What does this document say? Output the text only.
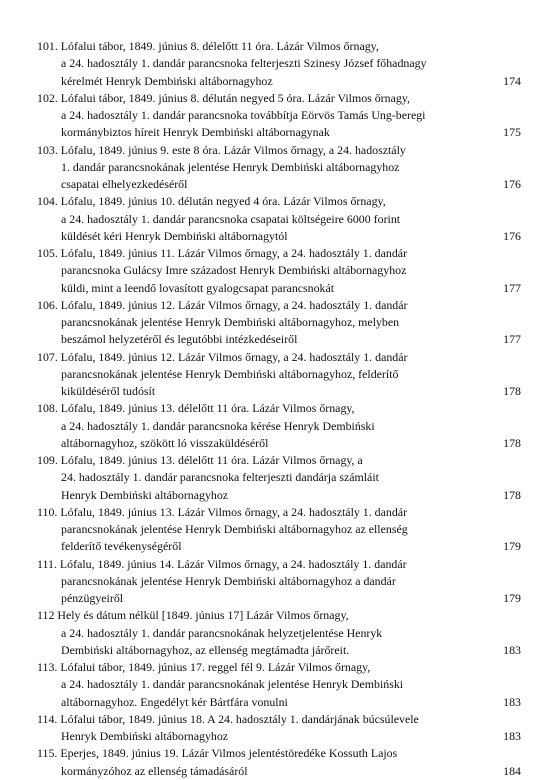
101. Lófalui tábor, 1849. június 8. délelőtt 11 óra. Lázár Vilmos őrnagy,
a 24. hadosztály 1. dandár parancsnoka felterjeszti Szinesy József főhadnagy
kérelmét Henryk Dembiński altábornagyhoz	174
102. Lófalui tábor, 1849. június 8. délután negyed 5 óra. Lázár Vilmos őrnagy,
a 24. hadosztály 1. dandár parancsnoka továbbítja Eörvös Tamás Ung-beregi
kormánybiztos híreit Henryk Dembiński altábornagynak	175
103. Lófalu, 1849. június 9. este 8 óra. Lázár Vilmos őrnagy, a 24. hadosztály
1. dandár parancsnokának jelentése Henryk Dembiński altábornagyhoz
csapatai elhelyezkedéséről	176
104. Lófalu, 1849. június 10. délután negyed 4 óra. Lázár Vilmos őrnagy,
a 24. hadosztály 1. dandár parancsnoka csapatai költségeire 6000 forint
küldését kéri Henryk Dembiński altábornagytól	176
105. Lófalu, 1849. június 11. Lázár Vilmos őrnagy, a 24. hadosztály 1. dandár
parancsnoka Gulácsy Imre századost Henryk Dembiński altábornagyhoz
küldi, mint a leendő lovasított gyalogcsapat parancsnokát	177
106. Lófalu, 1849. június 12. Lázár Vilmos őrnagy, a 24. hadosztály 1. dandár
parancsnokának jelentése Henryk Dembiński altábornagyhoz, melyben
beszámol helyzetéről és legutóbbi intézkedéseiről	177
107. Lófalu, 1849. június 12. Lázár Vilmos őrnagy, a 24. hadosztály 1. dandár
parancsnokának jelentése Henryk Dembiński altábornagyhoz, felderítő
kiküldéséről tudósít	178
108. Lófalu, 1849. június 13. délelőtt 11 óra. Lázár Vilmos őrnagy,
a 24. hadosztály 1. dandár parancsnoka kérése Henryk Dembiński
altábornagyhoz, szökött ló visszaküldéséről	178
109. Lófalu, 1849. június 13. délelőtt 11 óra. Lázár Vilmos őrnagy, a
24. hadosztály 1. dandár parancsnoka felterjeszti dandárja számláit
Henryk Dembiński altábornagyhoz	178
110. Lófalu, 1849. június 13. Lázár Vilmos őrnagy, a 24. hadosztály 1. dandár
parancsnokának jelentése Henryk Dembiński altábornagyhoz az ellenség
felderítő tevékenységéről	179
111. Lófalu, 1849. június 14. Lázár Vilmos őrnagy, a 24. hadosztály 1. dandár
parancsnokának jelentése Henryk Dembiński altábornagyhoz a dandár
pénzügyeiről	179
112 Hely és dátum nélkül [1849. június 17] Lázár Vilmos őrnagy,
a 24. hadosztály 1. dandár parancsnokának helyzetjelentése Henryk
Dembiński altábornagyhoz, az ellenség megtámadta járőreit.	183
113. Lófalui tábor, 1849. június 17. reggel fél 9. Lázár Vilmos őrnagy,
a 24. hadosztály 1. dandár parancsnokának jelentése Henryk Dembiński
altábornagyhoz. Engedélyt kér Bártfára vonulni	183
114. Lófalui tábor, 1849. június 18. A 24. hadosztály 1. dandárjának búcsúlevele
Henryk Dembiński altábornagyhoz	183
115. Eperjes, 1849. június 19. Lázár Vilmos jelentéstöredéke Kossuth Lajos
kormányzóhoz az ellenség támadásáról	184
